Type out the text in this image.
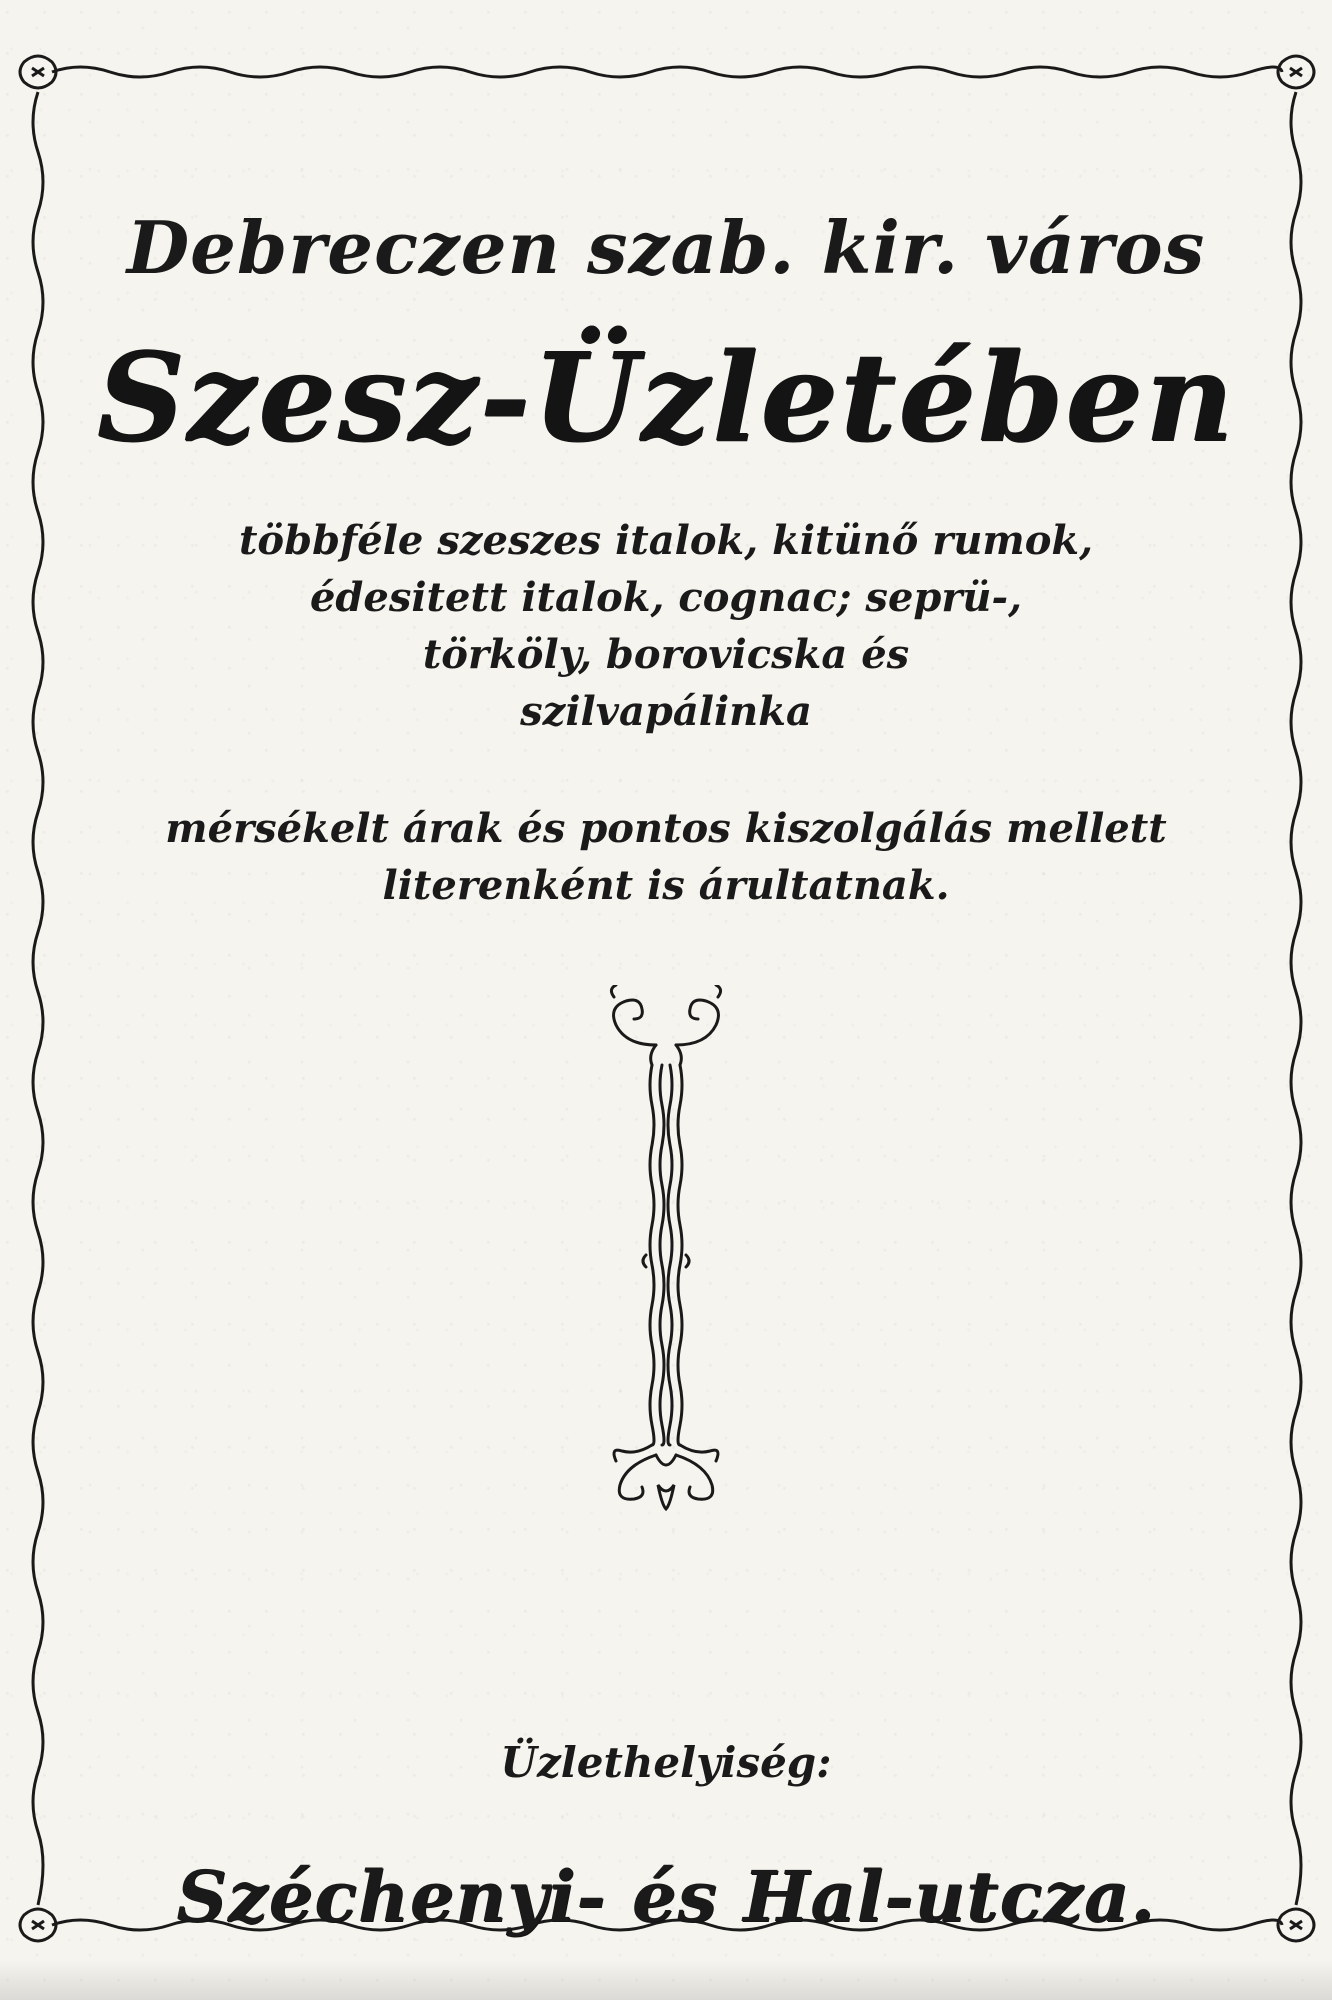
Debreczen szab. kir. város
Szesz-Üzletében
többféle szeszes italok, kitünő rumok,
édesitett italok, cognac; seprü-,
törköly, borovicska és
szilvapálinka
mérsékelt árak és pontos kiszolgálás mellett
literenként is árultatnak.
Üzlethelyiség:
Széchenyi- és Hal-utcza.
